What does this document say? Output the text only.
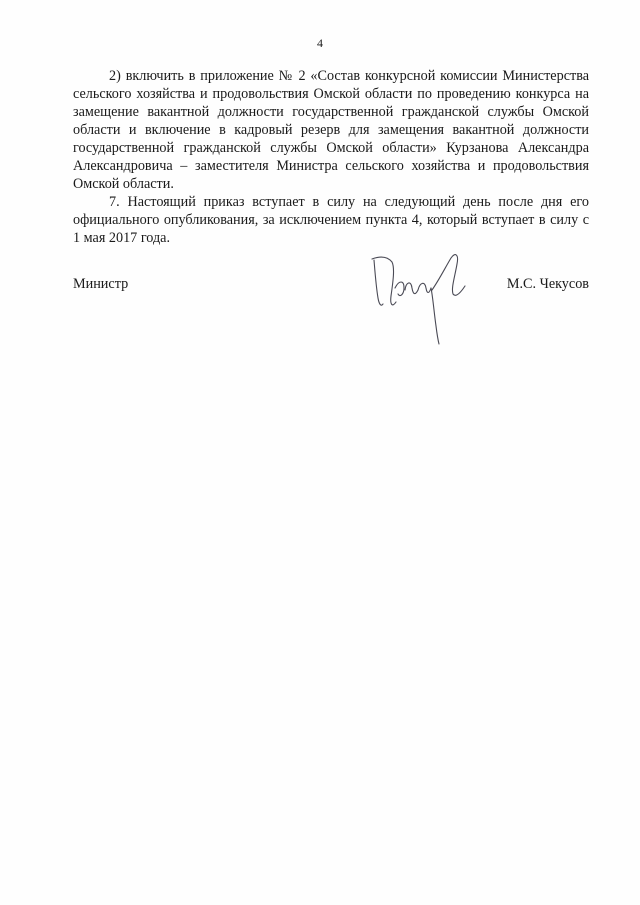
4

2) включить в приложение № 2 «Состав конкурсной комиссии Министерства сельского хозяйства и продовольствия Омской области по проведению конкурса на замещение вакантной должности государственной гражданской службы Омской области и включение в кадровый резерв для замещения вакантной должности государственной гражданской службы Омской области» Курзанова Александра Александровича – заместителя Министра сельского хозяйства и продовольствия Омской области.

7. Настоящий приказ вступает в силу на следующий день после дня его официального опубликования, за исключением пункта 4, который вступает в силу с 1 мая 2017 года.

Министр	М.С. Чекусов
